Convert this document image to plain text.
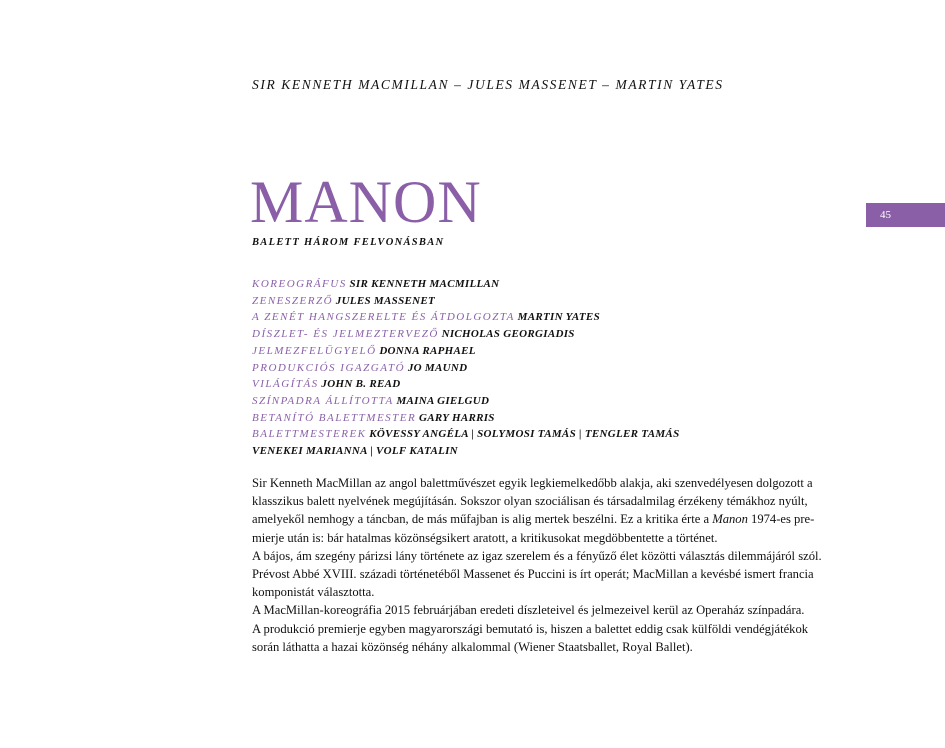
SIR KENNETH MACMILLAN – JULES MASSENET – MARTIN YATES
MANON
BALETT HÁROM FELVONÁSBAN
45
KOREOGRÁFUS SIR KENNETH MACMILLAN
ZENESZERZŐ JULES MASSENET
A ZENÉT HANGSZERELTE ÉS ÁTDOLGOZTA MARTIN YATES
DÍSZLET- ÉS JELMEZTERVEZŐ NICHOLAS GEORGIADIS
JELMEZFELÜGYELŐ DONNA RAPHAEL
PRODUKCIÓS IGAZGATÓ JO MAUND
VILÁGÍTÁS JOHN B. READ
SZÍNPADRA ÁLLÍTOTTA MAINA GIELGUD
BETANÍTÓ BALETTMESTER GARY HARRIS
BALETTMESTEREK KÖVESSY ANGÉLA | SOLYMOSI TAMÁS | TENGLER TAMÁS
VENEKEI MARIANNA | VOLF KATALIN
Sir Kenneth MacMillan az angol balettművészet egyik legkiemelkedőbb alakja, aki szenvedélyesen dolgozott a
klasszikus balett nyelvének megújításán. Sokszor olyan szociálisan és társadalmilag érzékeny témákhoz nyúlt,
amelyekől nemhogy a táncban, de más műfajban is alig mertek beszélni. Ez a kritika érte a Manon 1974-es pre-
mierje után is: bár hatalmas közönségsikert aratott, a kritikusokat megdöbbentette a történet.
A bájos, ám szegény párizsi lány története az igaz szerelem és a fényűző élet közötti választás dilemmájáról szól.
Prévost Abbé XVIII. századi történetéből Massenet és Puccini is írt operát; MacMillan a kevésbé ismert francia
komponistát választotta.
A MacMillan-koreográfia 2015 februárjában eredeti díszleteivel és jelmezeivel kerül az Operaház színpadára.
A produkció premierje egyben magyarországi bemutató is, hiszen a balettet eddig csak külföldi vendégjátékok
során láthatta a hazai közönség néhány alkalommal (Wiener Staatsballet, Royal Ballet).
